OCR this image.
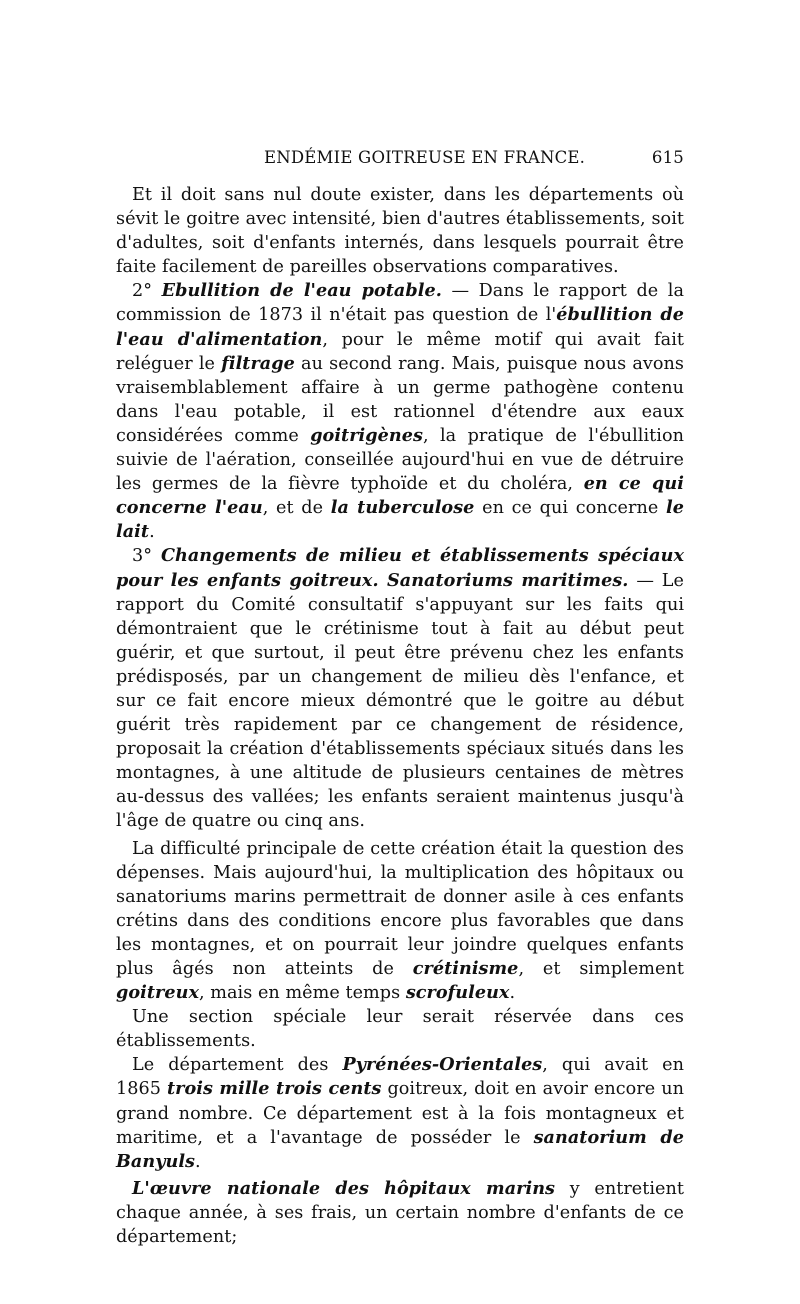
ENDÉMIE GOITREUSE EN FRANCE.	615

Et il doit sans nul doute exister, dans les départements où sévit le goitre avec intensité, bien d'autres établissements, soit d'adultes, soit d'enfants internés, dans lesquels pourrait être faite facilement de pareilles observations comparatives.

2° Ebullition de l'eau potable. — Dans le rapport de la commission de 1873 il n'était pas question de l'ébullition de l'eau d'alimentation, pour le même motif qui avait fait reléguer le filtrage au second rang. Mais, puisque nous avons vraisemblablement affaire à un germe pathogène contenu dans l'eau potable, il est rationnel d'étendre aux eaux considérées comme goitrigènes, la pratique de l'ébullition suivie de l'aération, conseillée aujourd'hui en vue de détruire les germes de la fièvre typhoïde et du choléra, en ce qui concerne l'eau, et de la tuberculose en ce qui concerne le lait.

3° Changements de milieu et établissements spéciaux pour les enfants goitreux. Sanatoriums maritimes. — Le rapport du Comité consultatif s'appuyant sur les faits qui démontraient que le crétinisme tout à fait au début peut guérir, et que surtout, il peut être prévenu chez les enfants prédisposés, par un changement de milieu dès l'enfance, et sur ce fait encore mieux démontré que le goitre au début guérit très rapidement par ce changement de résidence, proposait la création d'établissements spéciaux situés dans les montagnes, à une altitude de plusieurs centaines de mètres au-dessus des vallées; les enfants seraient maintenus jusqu'à l'âge de quatre ou cinq ans.

La difficulté principale de cette création était la question des dépenses. Mais aujourd'hui, la multiplication des hôpitaux ou sanatoriums marins permettrait de donner asile à ces enfants crétins dans des conditions encore plus favorables que dans les montagnes, et on pourrait leur joindre quelques enfants plus âgés non atteints de crétinisme, et simplement goitreux, mais en même temps scrofuleux.

Une section spéciale leur serait réservée dans ces établissements.

Le département des Pyrénées-Orientales, qui avait en 1865 trois mille trois cents goitreux, doit en avoir encore un grand nombre. Ce département est à la fois montagneux et maritime, et a l'avantage de posséder le sanatorium de Banyuls.

L'œuvre nationale des hôpitaux marins y entretient chaque année, à ses frais, un certain nombre d'enfants de ce département;
